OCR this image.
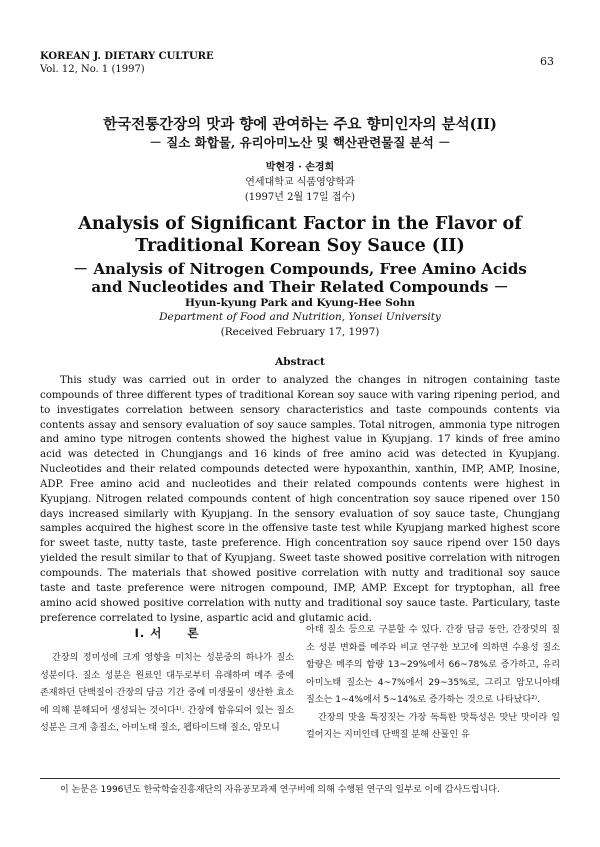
KOREAN J. DIETARY CULTURE
Vol. 12, No. 1 (1997)
63
한국전통간장의 맛과 향에 관여하는 주요 향미인자의 분석(II)
－ 질소 화합물, 유리아미노산 및 핵산관련물질 분석 －
박현경 · 손경희
연세대학교 식품영양학과
(1997년 2월 17일 접수)
Analysis of Significant Factor in the Flavor of
Traditional Korean Soy Sauce (II)
－ Analysis of Nitrogen Compounds, Free Amino Acids
and Nucleotides and Their Related Compounds －
Hyun-kyung Park and Kyung-Hee Sohn
Department of Food and Nutrition, Yonsei University
(Received February 17, 1997)
Abstract

This study was carried out in order to analyzed the changes in nitrogen containing taste compounds of three different types of traditional Korean soy sauce with varing ripening period, and to investigates correlation between sensory characteristics and taste compounds contents via contents assay and sensory evaluation of soy sauce samples. Total nitrogen, ammonia type nitrogen and amino type nitrogen contents showed the highest value in Kyupjang. 17 kinds of free amino acid was detected in Chungjangs and 16 kinds of free amino acid was detected in Kyupjang. Nucleotides and their related compounds detected were hypoxanthin, xanthin, IMP, AMP, Inosine, ADP. Free amino acid and nucleotides and their related compounds contents were highest in Kyupjang. Nitrogen related compounds content of high concentration soy sauce ripened over 150 days increased similarly with Kyupjang. In the sensory evaluation of soy sauce taste, Chungjang samples acquired the highest score in the offensive taste test while Kyupjang marked highest score for sweet taste, nutty taste, taste preference. High concentration soy sauce ripend over 150 days yielded the result similar to that of Kyupjang. Sweet taste showed positive correlation with nitrogen compounds. The materials that showed positive correlation with nutty and traditional soy sauce taste and taste preference were nitrogen compound, IMP, AMP. Except for tryptophan, all free amino acid showed positive correlation with nutty and traditional soy sauce taste. Particulary, taste preference correlated to lysine, aspartic acid and glutamic acid.

I. 서　　론

간장의 정미성에 크게 영향을 미치는 성분중의 하나가 질소 성분이다. 질소 성분은 원료인 대두로부터 유래하며 메주 중에 존재하던 단백질이 간장의 담금 기간 중에 미생물이 생산한 효소에 의해 분해되어 생성되는 것이다¹⁾. 간장에 함유되어 있는 질소 성분은 크게 총질소, 아미노태 질소, 펩타이드태 질소, 암모니

아태 질소 등으로 구분할 수 있다. 간장 담금 동안, 간장덧의 질소 성분 변화를 메주와 비교 연구한 보고에 의하면 수용성 질소 함량은 메주의 함량 13~29%에서 66~78%로 증가하고, 유리 아미노태 질소는 4~7%에서 29~35%로, 그리고 암모니아태 질소는 1~4%에서 5~14%로 증가하는 것으로 나타났다²⁾.

간장의 맛을 특징짓는 가장 독특한 맛특성은 맛난 맛이라 일컬어지는 지미인데 단백질 분해 산물인 유

이 논문은 1996년도 한국학술진흥재단의 자유공모과제 연구비에 의해 수행된 연구의 일부로 이에 감사드립니다.
